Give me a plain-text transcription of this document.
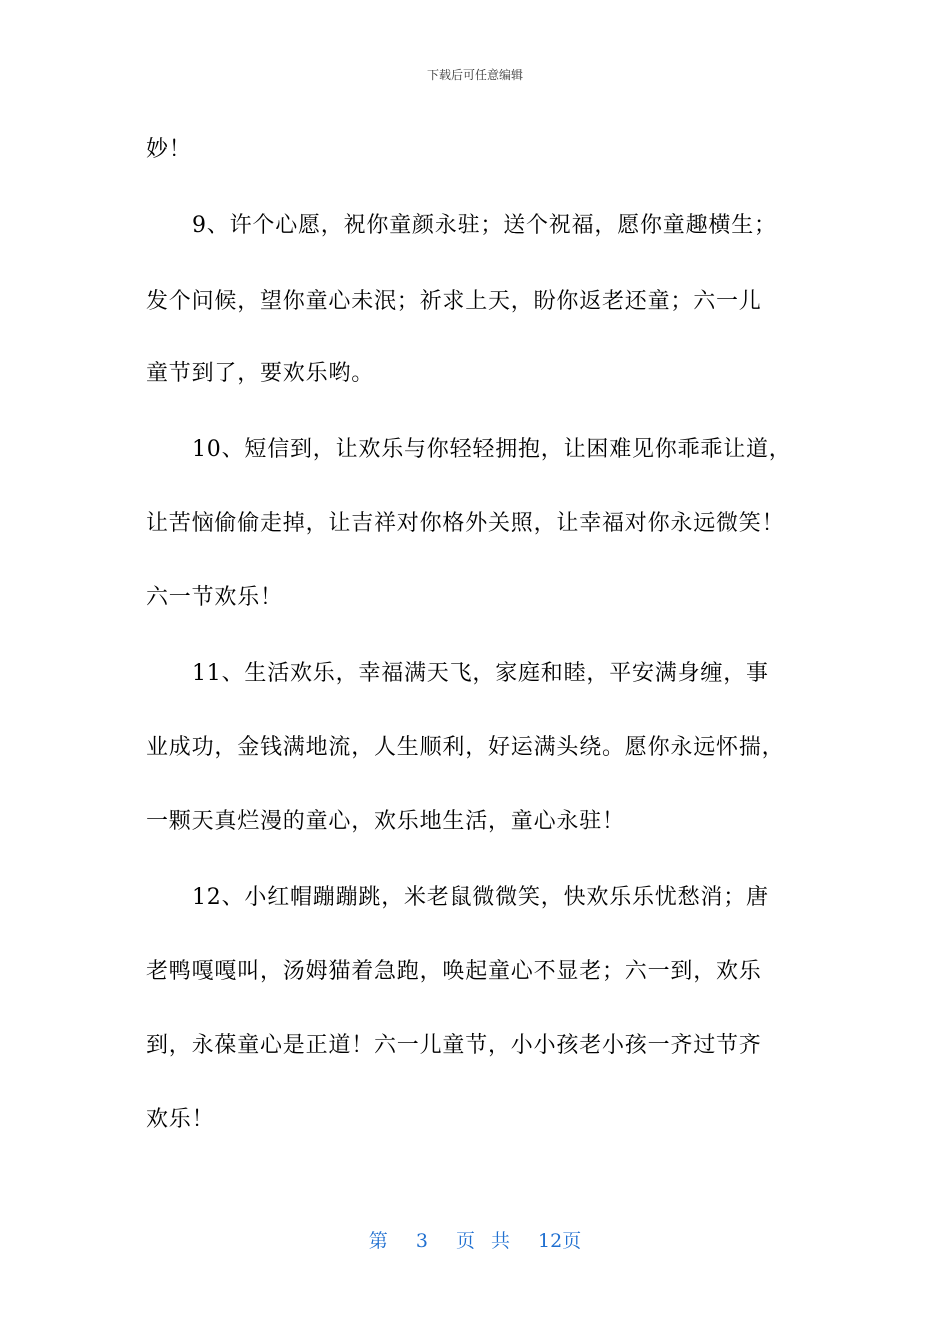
下载后可任意编辑
妙！
9、许个心愿，祝你童颜永驻；送个祝福，愿你童趣横生；
发个问候，望你童心未泯；祈求上天，盼你返老还童；六一儿
童节到了，要欢乐哟。
10、短信到，让欢乐与你轻轻拥抱，让困难见你乖乖让道，
让苦恼偷偷走掉，让吉祥对你格外关照，让幸福对你永远微笑！
六一节欢乐！
11、生活欢乐，幸福满天飞，家庭和睦，平安满身缠，事
业成功，金钱满地流，人生顺利，好运满头绕。愿你永远怀揣，
一颗天真烂漫的童心，欢乐地生活，童心永驻！
12、小红帽蹦蹦跳，米老鼠微微笑，快欢乐乐忧愁消；唐
老鸭嘎嘎叫，汤姆猫着急跑，唤起童心不显老；六一到，欢乐
到，永葆童心是正道！六一儿童节，小小孩老小孩一齐过节齐
欢乐！
第 3 页 共 12页
